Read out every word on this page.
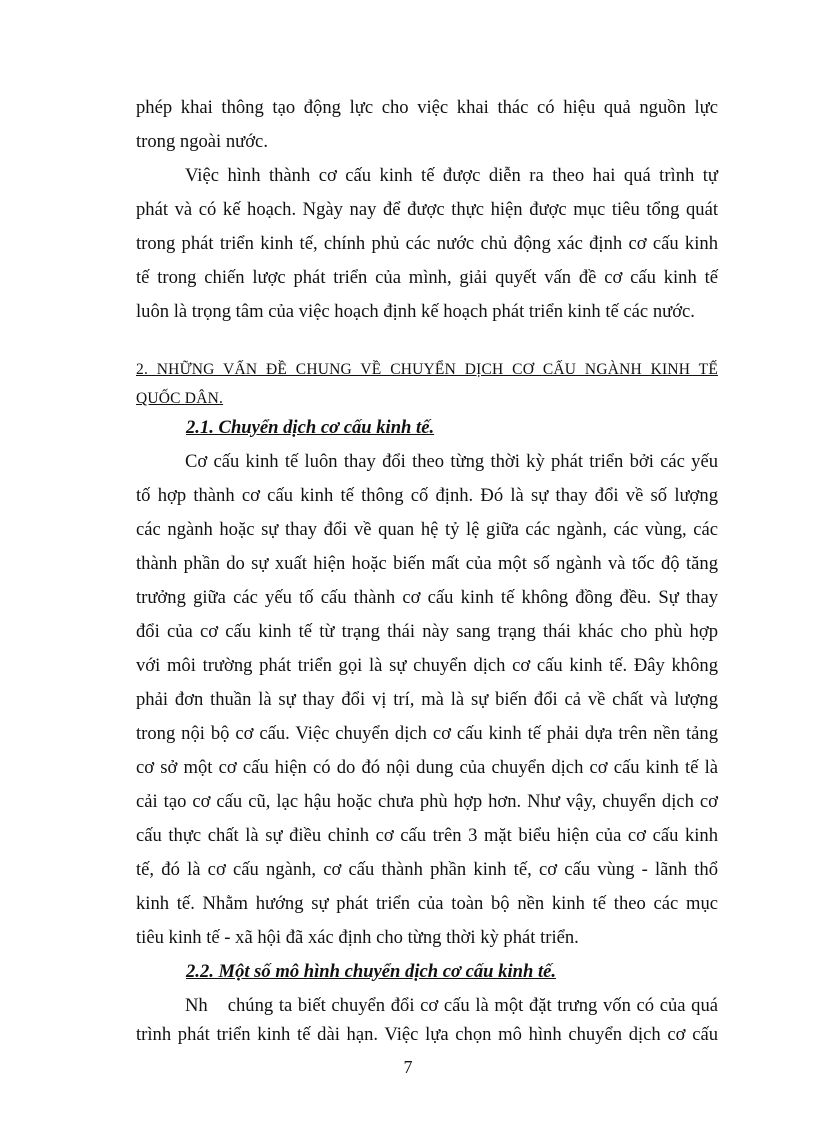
phép khai thông tạo động lực cho việc khai thác có hiệu quả nguồn lực
trong ngoài nước.
Việc hình thành cơ cấu kinh tế được diễn ra theo hai quá trình tự
phát và có kế hoạch. Ngày nay để được thực hiện được mục tiêu tổng quát
trong phát triển kinh tế, chính phủ các nước chủ động xác định cơ cấu kinh
tế trong chiến lược phát triển của mình, giải quyết vấn đề cơ cấu kinh tế
luôn là trọng tâm của việc hoạch định kế hoạch phát triển kinh tế các nước.
2. NHỮNG VẤN ĐỀ CHUNG VỀ CHUYỂN DỊCH CƠ CẤU NGÀNH KINH TẾ
QUỐC DÂN.
2.1. Chuyển dịch cơ cấu kinh tế.
Cơ cấu kinh tế luôn thay đổi theo từng thời kỳ phát triển bởi các yếu
tố hợp thành cơ cấu kinh tế thông cố định. Đó là sự thay đổi về số lượng
các ngành hoặc sự thay đổi về quan hệ tỷ lệ giữa các ngành, các vùng, các
thành phần do sự xuất hiện hoặc biến mất của một số ngành và tốc độ tăng
trưởng giữa các yếu tố cấu thành cơ cấu kinh tế không đồng đều. Sự thay
đổi của cơ cấu kinh tế từ trạng thái này sang trạng thái khác cho phù hợp
với môi trường phát triển gọi là sự chuyển dịch cơ cấu kinh tế. Đây không
phải đơn thuần là sự thay đổi vị trí, mà là sự biến đổi cả về chất và lượng
trong nội bộ cơ cấu. Việc chuyển dịch cơ cấu kinh tế phải dựa trên nền tảng
cơ sở một cơ cấu hiện có do đó nội dung của chuyển dịch cơ cấu kinh tế là
cải tạo cơ cấu cũ, lạc hậu hoặc chưa phù hợp hơn. Như vậy, chuyển dịch cơ
cấu thực chất là sự điều chỉnh cơ cấu trên 3 mặt biểu hiện của cơ cấu kinh
tế, đó là cơ cấu ngành, cơ cấu thành phần kinh tế, cơ cấu vùng - lãnh thổ
kinh tế. Nhằm hướng sự phát triển của toàn bộ nền kinh tế theo các mục
tiêu kinh tế - xã hội đã xác định cho từng thời kỳ phát triển.
2.2. Một số mô hình chuyển dịch cơ cấu kinh tế.
Nh chúng ta biết chuyển đổi cơ cấu là một đặt trưng vốn có của quá
7
trình phát triển kinh tế dài hạn. Việc lựa chọn mô hình chuyển dịch cơ cấu
